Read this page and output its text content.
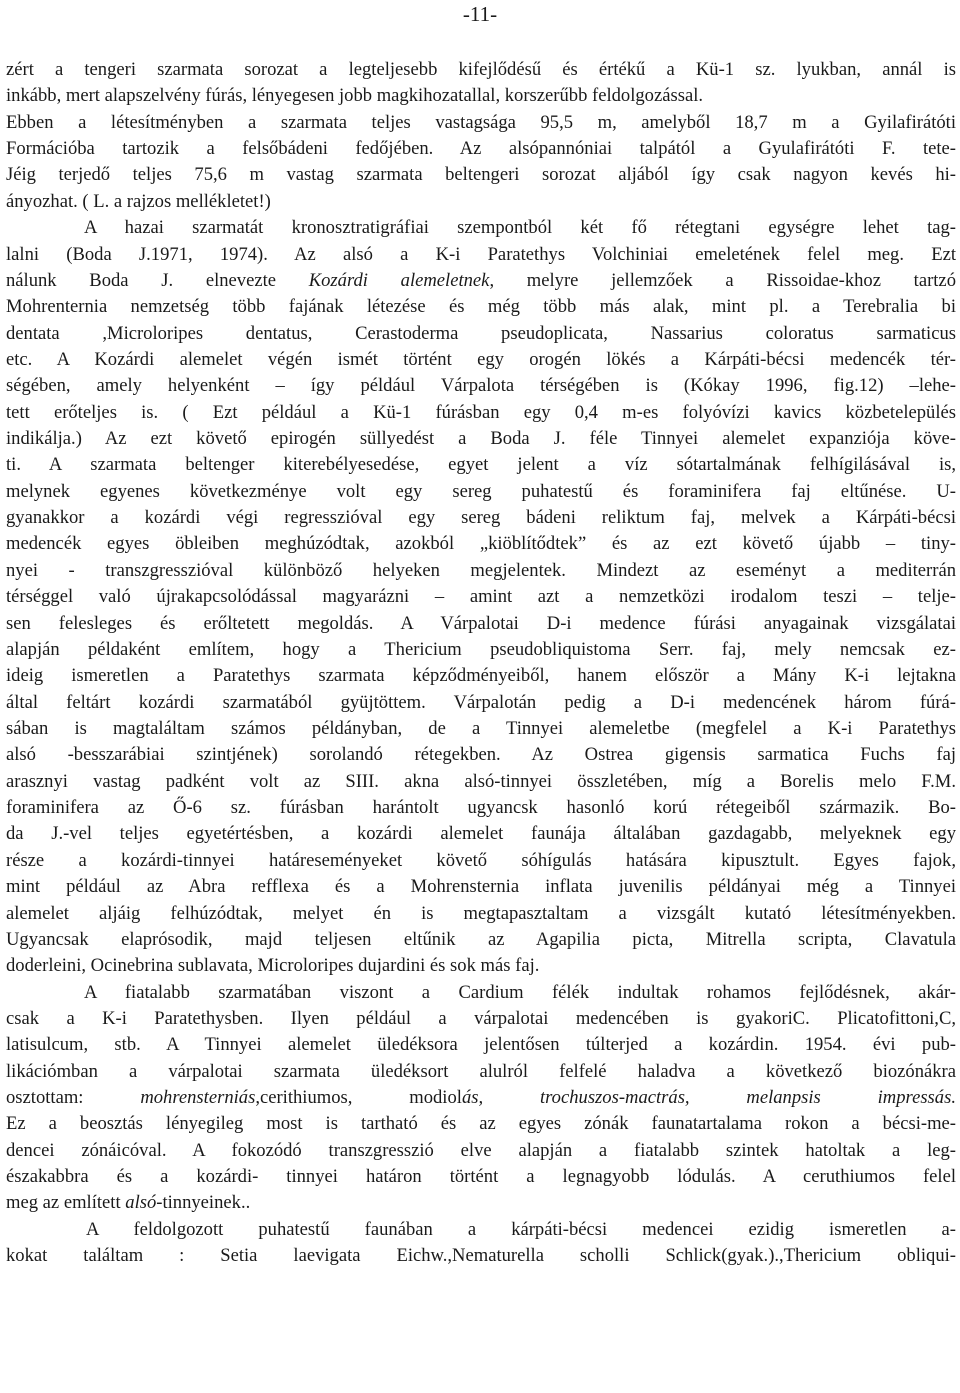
-11-
zért a tengeri szarmata sorozat a legteljesebb kifejlődésű és értékű a Kü-1 sz. lyukban, annál is
inkább, mert alapszelvény fúrás, lényegesen jobb magkihozatallal, korszerűbb feldolgozással.
Ebben a létesítményben a szarmata teljes vastagsága 95,5 m, amelyből 18,7 m a Gyilafirátóti
Formációba tartozik a felsőbádeni fedőjében. Az alsópannóniai talpától a Gyulafirátóti F. tete-
Jéig terjedő teljes 75,6 m vastag szarmata beltengeri sorozat aljából így csak nagyon kevés hi-
ányozhat. ( L. a rajzos mellékletet!)
A hazai szarmatát kronosztratigráfiai szempontból két fő rétegtani egységre lehet tag-
lalni (Boda J.1971, 1974). Az alsó a K-i Paratethys Volchiniai emeletének felel meg. Ezt
nálunk Boda J. elnevezte Kozárdi alemeletnek, melyre jellemzőek a Rissoidae-khoz tartzó
Mohrenternia nemzetség több fajának létezése és még több más alak, mint pl. a Terebralia bi
dentata ,Microloripes dentatus, Cerastoderma pseudoplicata, Nassarius coloratus sarmaticus
etc. A Kozárdi alemelet végén ismét történt egy orogén lökés a Kárpáti-bécsi medencék tér-
ségében, amely helyenként – így például Várpalota térségében is (Kókay 1996, fig.12) –lehe-
tett erőteljes is. ( Ezt például a Kü-1 fúrásban egy 0,4 m-es folyóvízi kavics közbetelepülés
indikálja.) Az ezt követő epirogén süllyedést a Boda J. féle Tinnyei alemelet expanziója köve-
ti. A szarmata beltenger kiterebélyesedése, egyet jelent a víz sótartalmának felhígilásával is,
melynek egyenes következménye volt egy sereg puhatestű és foraminifera faj eltűnése. U-
gyanakkor a kozárdi végi regresszióval egy sereg bádeni reliktum faj, melvek a Kárpáti-bécsi
medencék egyes öbleiben meghúzódtak, azokból „kiöblítődtek” és az ezt követő újabb – tiny-
nyei - transzgresszióval különböző helyeken megjelentek. Mindezt az eseményt a mediterrán
térséggel való újrakapcsolódással magyarázni – amint azt a nemzetközi irodalom teszi – telje-
sen felesleges és erőltetett megoldás. A Várpalotai D-i medence fúrási anyagainak vizsgálatai
alapján példaként említem, hogy a Thericium pseudobliquistoma Serr. faj, mely nemcsak ez-
ideig ismeretlen a Paratethys szarmata képződményeiből, hanem először a Mány K-i lejtakna
által feltárt kozárdi szarmatából gyüjtöttem. Várpalotán pedig a D-i medencének három fúrá-
sában is magtaláltam számos példányban, de a Tinnyei alemeletbe (megfelel a K-i Paratethys
alsó -besszarábiai szintjének) sorolandó rétegekben. Az Ostrea gigensis sarmatica Fuchs faj
arasznyi vastag padként volt az SIII. akna alsó-tinnyei összletében, míg a Borelis melo F.M.
foraminifera az Ő-6 sz. fúrásban harántolt ugyancsk hasonló korú rétegeiből származik. Bo-
da J.-vel teljes egyetértésben, a kozárdi alemelet faunája általában gazdagabb, melyeknek egy
része a kozárdi-tinnyei határeseményeket követő sóhígulás hatására kipusztult. Egyes fajok,
mint például az Abra refflexa és a Mohrensternia inflata juvenilis példányai még a Tinnyei
alemelet aljáig felhúzódtak, melyet én is megtapasztaltam a vizsgált kutató létesítményekben.
Ugyancsak elaprósodik, majd teljesen eltűnik az Agapilia picta, Mitrella scripta, Clavatula
doderleini, Ocinebrina sublavata, Microloripes dujardini és sok más faj.
A fiatalabb szarmatában viszont a Cardium félék indultak rohamos fejlődésnek, akár-
csak a K-i Paratethysben. Ilyen például a várpalotai medencében is gyakoriC. Plicatofittoni,C,
latisulcum, stb. A Tinnyei alemelet üledéksora jelentősen túlterjed a kozárdin. 1954. évi pub-
likációmban a várpalotai szarmata üledéksort alulról felfelé haladva a következő biozónákra
osztottam: mohrensterniás,cerithiumos, modiolás, trochuszos-mactrás, melanpsis impressás.
Ez a beosztás lényegileg most is tartható és az egyes zónák faunatartalama rokon a bécsi-me-
dencei zónáicóval. A fokozódó transzgresszió elve alapján a fiatalabb szintek hatoltak a leg-
északabbra és a kozárdi- tinnyei határon történt a legnagyobb lódulás. A ceruthiumos felel
meg az említett alsó-tinnyeinek..
A feldolgozott puhatestű faunában a kárpáti-bécsi medencei ezidig ismeretlen a-
kokat találtam : Setia laevigata Eichw.,Nematurella scholli Schlick(gyak.).,Thericium obliqui-
